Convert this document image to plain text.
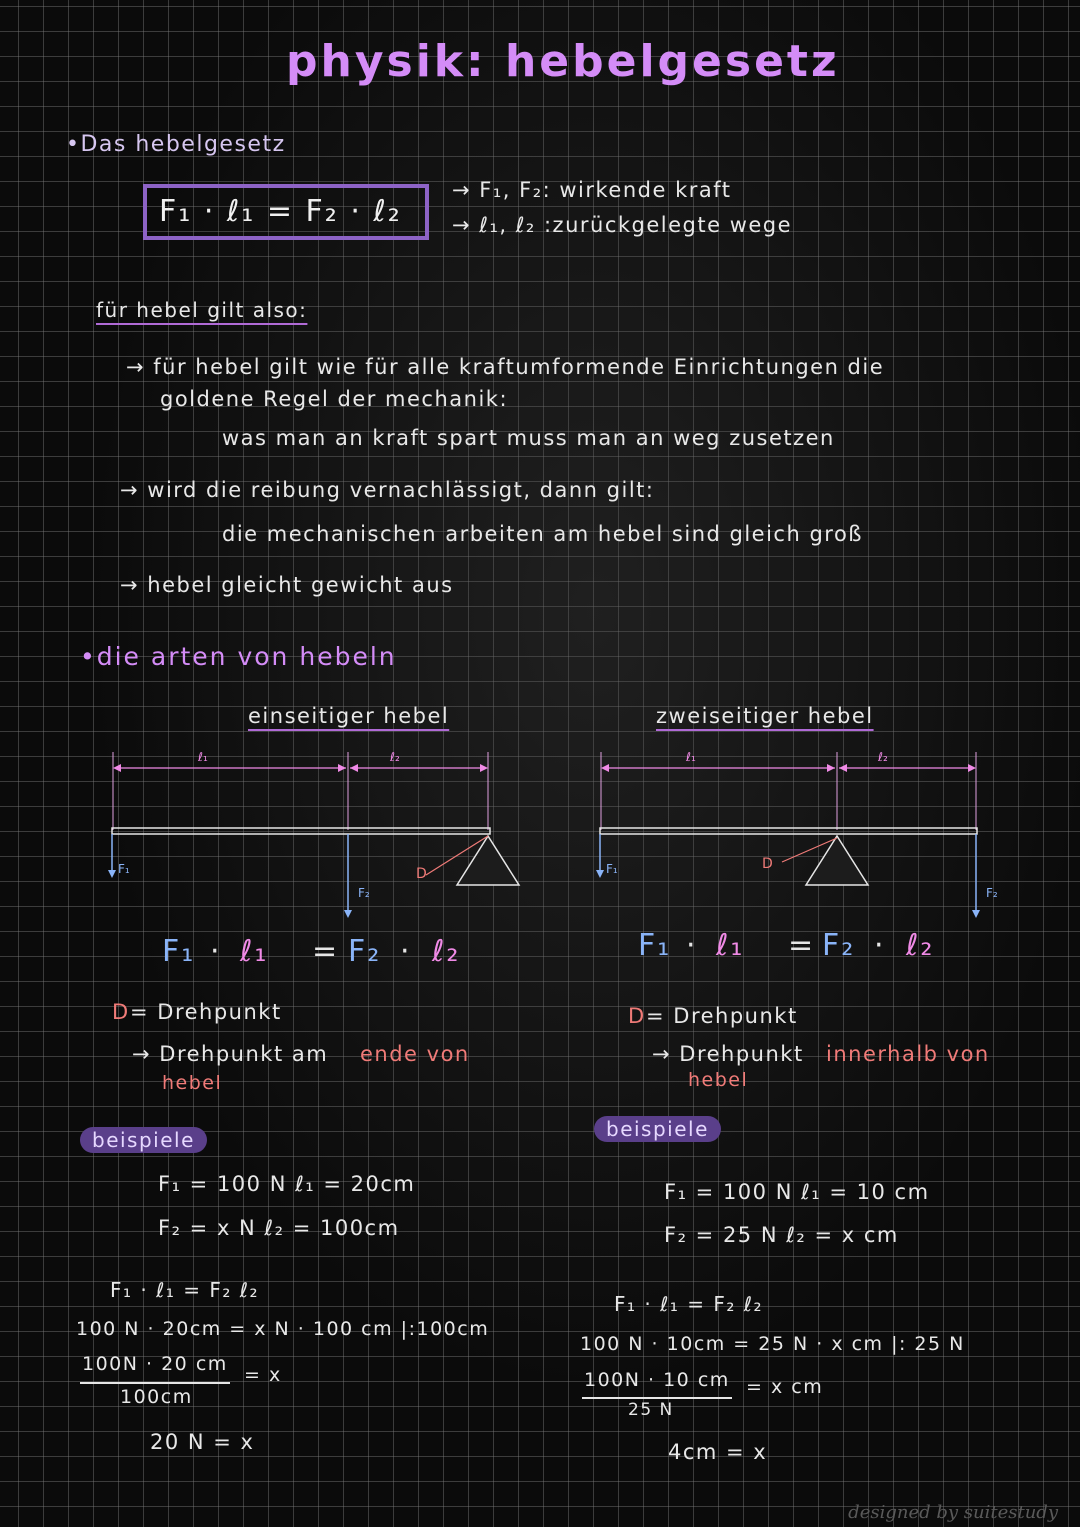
physik: hebelgesetz
•Das hebelgesetz
F₁ · ℓ₁ = F₂ · ℓ₂
→ F₁, F₂: wirkende kraft
→ ℓ₁, ℓ₂ :zurückgelegte wege
für hebel gilt also:
→ für hebel gilt wie für alle kraftumformende Einrichtungen die
goldene Regel der mechanik:
was man an kraft spart muss man an weg zusetzen
→ wird die reibung vernachlässigt, dann gilt:
die mechanischen arbeiten am hebel sind gleich groß
→ hebel gleicht gewicht aus
•die arten von hebeln
einseitiger hebel
ℓ₁	ℓ₂
F₁
F₂
D
F₁ · ℓ₁ = F₂ · ℓ₂
D = Drehpunkt
→ Drehpunkt am ende von
hebel
beispiele
F₁ = 100 N ℓ₁ = 20cm
F₂ = x N ℓ₂ = 100cm
F₁ · ℓ₁ = F₂ ℓ₂
100 N · 20cm = x N · 100 cm |:100cm
100N · 20 cm = x
100cm
20 N = x
zweiseitiger hebel
ℓ₁	ℓ₂
F₁
F₂
D
F₁ · ℓ₁ = F₂ · ℓ₂
D = Drehpunkt
→ Drehpunkt innerhalb von
hebel
beispiele
F₁ = 100 N ℓ₁ = 10 cm
F₂ = 25 N ℓ₂ = x cm
F₁ · ℓ₁ = F₂ ℓ₂
100 N · 10cm = 25 N · x cm |: 25 N
100N · 10 cm = x cm
25 N
4cm = x
designed by suitestudy
